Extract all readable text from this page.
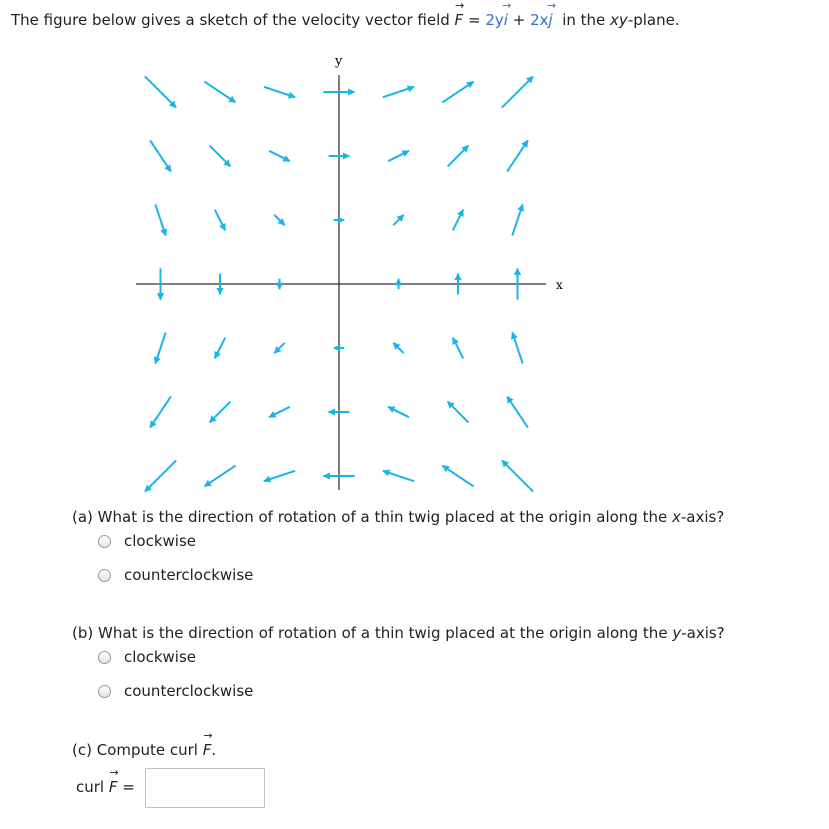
The figure below gives a sketch of the velocity vector field → F = 2y→ i + 2x→ j in the xy-plane.
x
y
(a) What is the direction of rotation of a thin twig placed at the origin along the x-axis?
clockwise
counterclockwise
(b) What is the direction of rotation of a thin twig placed at the origin along the y-axis?
clockwise
counterclockwise
(c) Compute curl → F.
curl → F =
